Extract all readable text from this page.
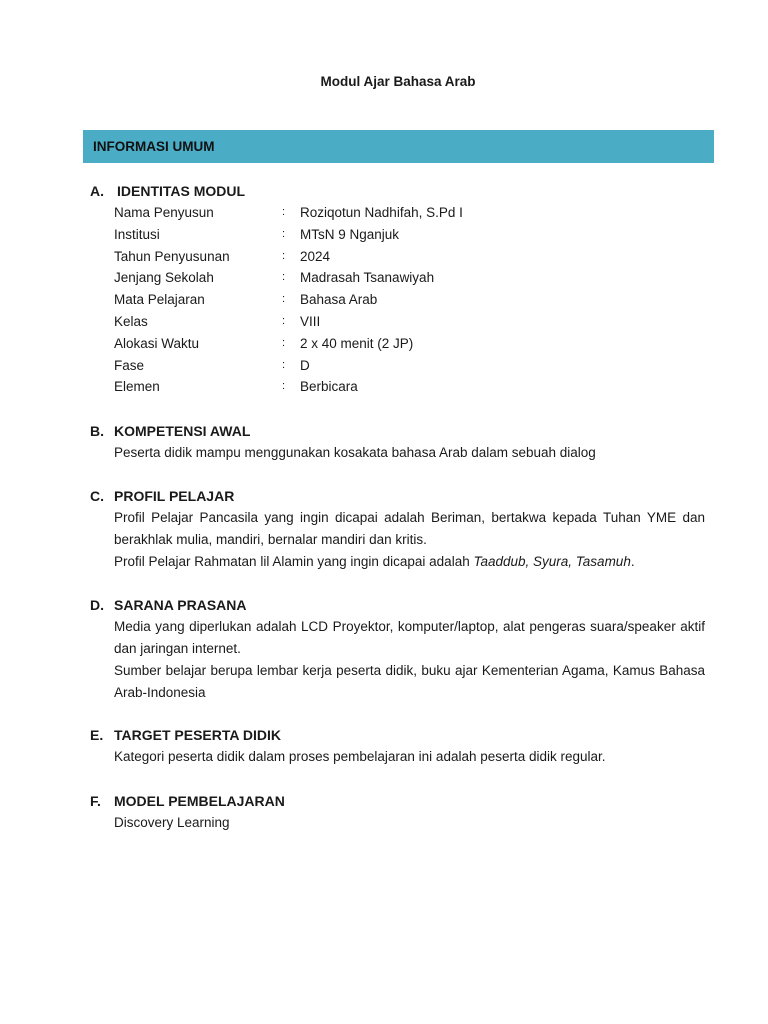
Modul Ajar Bahasa Arab
INFORMASI UMUM
A. IDENTITAS MODUL
Nama Penyusun	:	Roziqotun Nadhifah, S.Pd I
Institusi	:	MTsN 9 Nganjuk
Tahun Penyusunan	:	2024
Jenjang Sekolah	:	Madrasah Tsanawiyah
Mata Pelajaran	:	Bahasa Arab
Kelas	:	VIII
Alokasi Waktu	:	2 x 40 menit (2 JP)
Fase	:	D
Elemen	:	Berbicara
B. KOMPETENSI AWAL
Peserta didik mampu menggunakan kosakata bahasa Arab dalam sebuah dialog
C. PROFIL PELAJAR
Profil Pelajar Pancasila yang ingin dicapai adalah Beriman, bertakwa kepada Tuhan YME dan berakhlak mulia, mandiri, bernalar mandiri dan kritis.
Profil Pelajar Rahmatan lil Alamin yang ingin dicapai adalah Taaddub, Syura, Tasamuh.
D. SARANA PRASANA
Media yang diperlukan adalah LCD Proyektor, komputer/laptop, alat pengeras suara/speaker aktif dan jaringan internet.
Sumber belajar berupa lembar kerja peserta didik, buku ajar Kementerian Agama, Kamus Bahasa Arab-Indonesia
E. TARGET PESERTA DIDIK
Kategori peserta didik dalam proses pembelajaran ini adalah peserta didik regular.
F. MODEL PEMBELAJARAN
Discovery Learning
